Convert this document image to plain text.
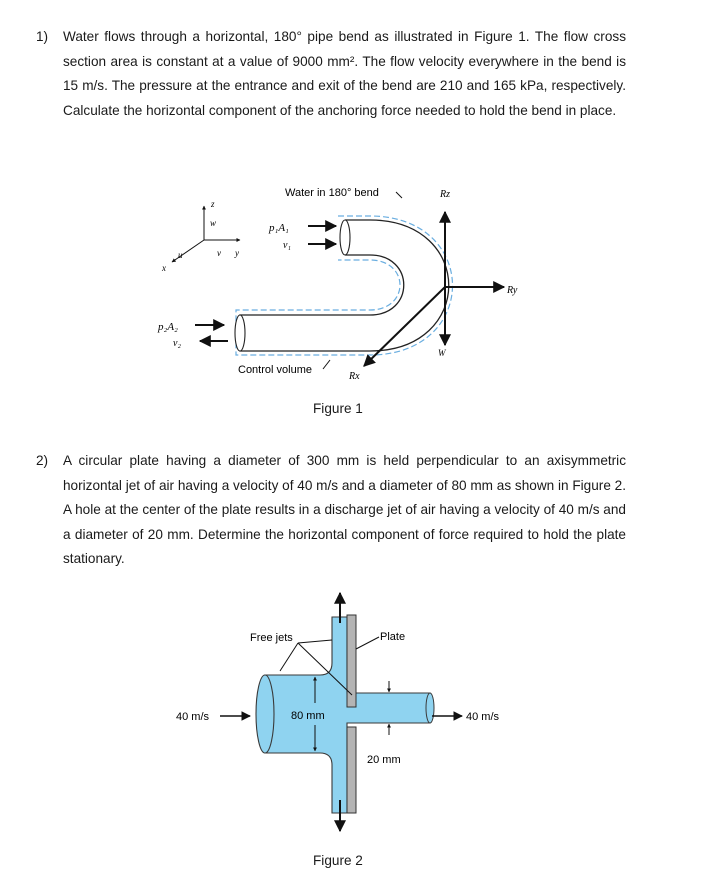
1) Water flows through a horizontal, 180° pipe bend as illustrated in Figure 1. The flow cross section area is constant at a value of 9000 mm². The flow velocity everywhere in the bend is 15 m/s. The pressure at the entrance and exit of the bend are 210 and 165 kPa, respectively. Calculate the horizontal component of the anchoring force needed to hold the bend in place.
z
w
v y
u
x
p₁A₁
v₁
p₂A₂
v₂
Rz
Ry
Rx
W
Water in 180° bend
Control volume
Figure 1
2) A circular plate having a diameter of 300 mm is held perpendicular to an axisymmetric horizontal jet of air having a velocity of 40 m/s and a diameter of 80 mm as shown in Figure 2. A hole at the center of the plate results in a discharge jet of air having a velocity of 40 m/s and a diameter of 20 mm. Determine the horizontal component of force required to hold the plate stationary.
40 m/s	40 m/s
80 mm
20 mm
Free jets	Plate
Figure 2
